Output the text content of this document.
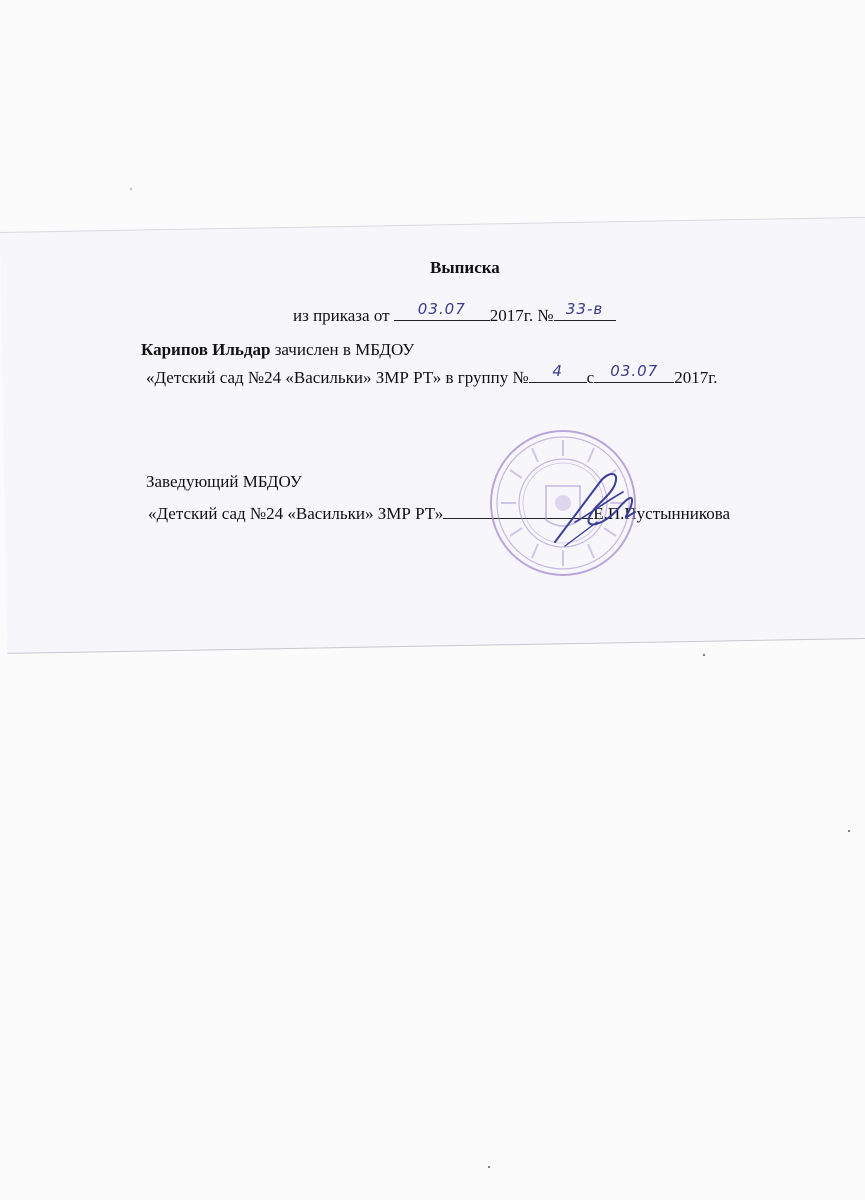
Выписка
из приказа от	03.07	2017г. № 33-в
Карипов Ильдар зачислен в МБДОУ
«Детский сад №24 «Васильки» ЗМР РТ» в группу №	4	с	03.07 2017г.
Заведующий МБДОУ
«Детский сад №24 «Васильки» ЗМР РТ»	Е.П.Пустынникова
